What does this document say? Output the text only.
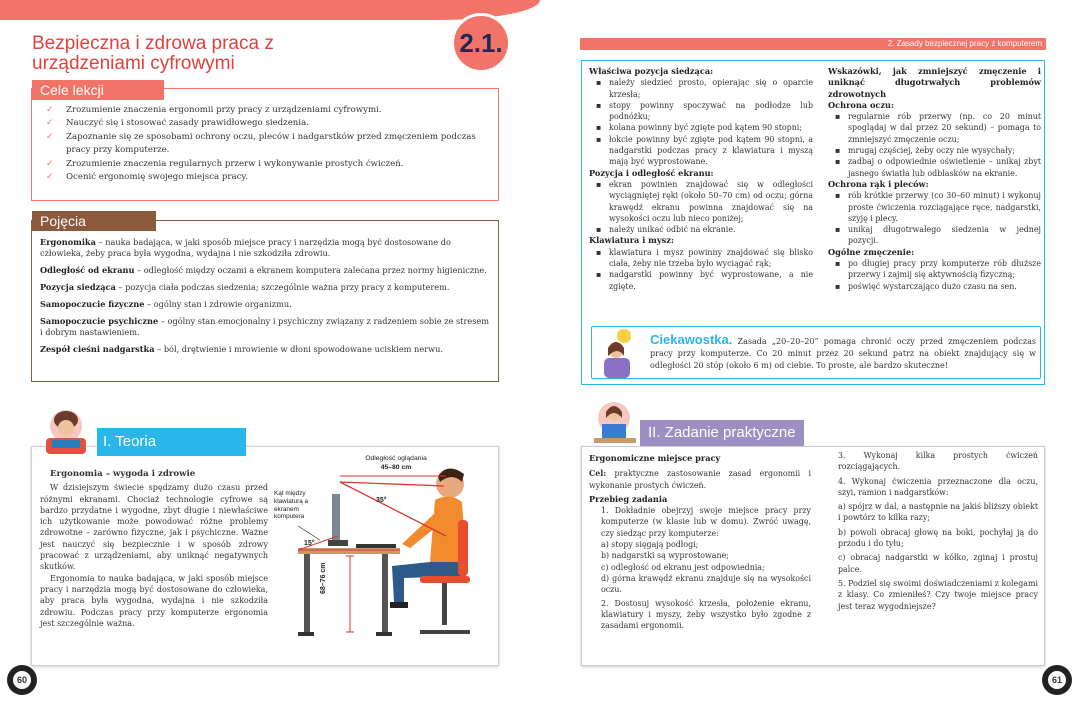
2.1.
Bezpieczna i zdrowa praca z urządzeniami cyfrowymi
2. Zasady bezpiecznej pracy z komputerem
Cele lekcji
✓ Zrozumienie znaczenia ergonomii przy pracy z urządzeniami cyfrowymi.
✓ Nauczyć się i stosować zasady prawidłowego siedzenia.
✓ Zapoznanie się ze sposobami ochrony oczu, pleców i nadgarstków przed zmęczeniem podczas pracy przy komputerze.
✓ Zrozumienie znaczenia regularnych przerw i wykonywanie prostych ćwiczeń.
✓ Ocenić ergonomię swojego miejsca pracy.
Pojęcia

Ergonomika – nauka badająca, w jaki sposób miejsce pracy i narzędzia mogą być dostosowane do człowieka, żeby praca była wygodna, wydajna i nie szkodziła zdrowiu.

Odległość od ekranu – odległość między oczami a ekranem komputera zalecana przez normy higieniczne.

Pozycja siedząca – pozycja ciała podczas siedzenia; szczególnie ważna przy pracy z komputerem.

Samopoczucie fizyczne – ogólny stan i zdrowie organizmu.

Samopoczucie psychiczne – ogólny stan emocjonalny i psychiczny związany z radzeniem sobie ze stresem i dobrym nastawieniem.

Zespół cieśni nadgarstka – ból, drętwienie i mrowienie w dłoni spowodowane uciskiem nerwu.

I. Teoria
Ergonomia – wygoda i zdrowie

W dzisiejszym świecie spędzamy dużo czasu przed różnymi ekranami. Chociaż technologie cyfrowe są bardzo przydatne i wygodne, zbyt długie i niewłaściwe ich użytkowanie może powodować różne problemy zdrowotne – zarówno fizyczne, jak i psychiczne. Ważne jest nauczyć się bezpiecznie i w sposób zdrowy pracować z urządzeniami, aby uniknąć negatywnych skutków.

Ergonomia to nauka badająca, w jaki sposób miejsce pracy i narzędzia mogą być dostosowane do człowieka, aby praca była wygodna, wydajna i nie szkodziła zdrowiu. Podczas pracy przy komputerze ergonomia jest szczególnie ważna.

Odległość oglądania
45–80 cm
Kąt między klawiaturą a ekranem komputera
35°
15°
68–76 cm
Właściwa pozycja siedząca:
▪ należy siedzieć prosto, opierając się o oparcie krzesła;
▪ stopy powinny spoczywać na podłodze lub podnóżku;
▪ kolana powinny być zgięte pod kątem 90 stopni;
▪ łokcie powinny być zgięte pod kątem 90 stopni, a nadgarstki podczas pracy z klawiatura i myszą mają być wyprostowane.
Pozycja i odległość ekranu:
▪ ekran powinien znajdować się w odległości wyciągniętej ręki (około 50–70 cm) od oczu; górna krawędź ekranu powinna znajdować się na wysokości oczu lub nieco poniżej;
▪ należy unikać odbić na ekranie.
Klawiatura i mysz:
▪ klawiatura i mysz powinny znajdować się blisko ciała, żeby nie trzeba było wyciągać rąk;
▪ nadgarstki powinny być wyprostowane, a nie zgięte.
Wskazówki, jak zmniejszyć zmęczenie i uniknąć długotrwałych problemów zdrowotnych
Ochrona oczu:
▪ regularnie rób przerwy (np. co 20 minut spoglądaj w dal przez 20 sekund) – pomaga to zmniejszyć zmęczenie oczu;
▪ mrugaj częściej, żeby oczy nie wysychały;
▪ zadbaj o odpowiednie oświetlenie – unikaj zbyt jasnego światła lub odblasków na ekranie.
Ochrona rąk i pleców:
▪ rób krótkie przerwy (co 30–60 minut) i wykonuj proste ćwiczenia rozciągające ręce, nadgarstki, szyję i plecy.
▪ unikaj długotrwałego siedzenia w jednej pozycji.
Ogólne zmęczenie:
▪ po długiej pracy przy komputerze rób dłuższe przerwy i zajmij się aktywnością fizyczną;
▪ poświęć wystarczająco dużo czasu na sen.
Ciekawostka. Zasada „20–20–20” pomaga chronić oczy przed zmęczeniem podczas pracy przy komputerze. Co 20 minut przez 20 sekund patrz na obiekt znajdujący się w odległości 20 stóp (około 6 m) od ciebie. To proste, ale bardzo skuteczne!
II. Zadanie praktyczne
Ergonomiczne miejsce pracy

Cel: praktyczne zastosowanie zasad ergonomii i wykonanie prostych ćwiczeń.

Przebieg zadania

1. Dokładnie obejrzyj swoje miejsce pracy przy komputerze (w klasie lub w domu). Zwróć uwagę, czy siedząc przy komputerze:

a) stopy sięgają podłogi;

b) nadgarstki są wyprostowane;

c) odległość od ekranu jest odpowiednia;

d) górna krawędź ekranu znajduje się na wysokości oczu.

2. Dostosuj wysokość krzesła, położenie ekranu, klawiatury i myszy, żeby wszystko było zgodne z zasadami ergonomii.

3. Wykonaj kilka prostych ćwiczeń rozciągających.

4. Wykonaj ćwiczenia przeznaczone dla oczu, szyi, ramion i nadgarstków:

a) spójrz w dal, a następnie na jakiś bliższy obiekt i powtórz to kilka razy;

b) powoli obracaj głowę na boki, pochylaj ją do przodu i do tyłu;

c) obracaj nadgarstki w kółko, zginaj i prostuj palce.

5. Podziel się swoimi doświadczeniami z kolegami z klasy. Co zmieniłeś? Czy twoje miejsce pracy jest teraz wygodniejsze?

60	61
